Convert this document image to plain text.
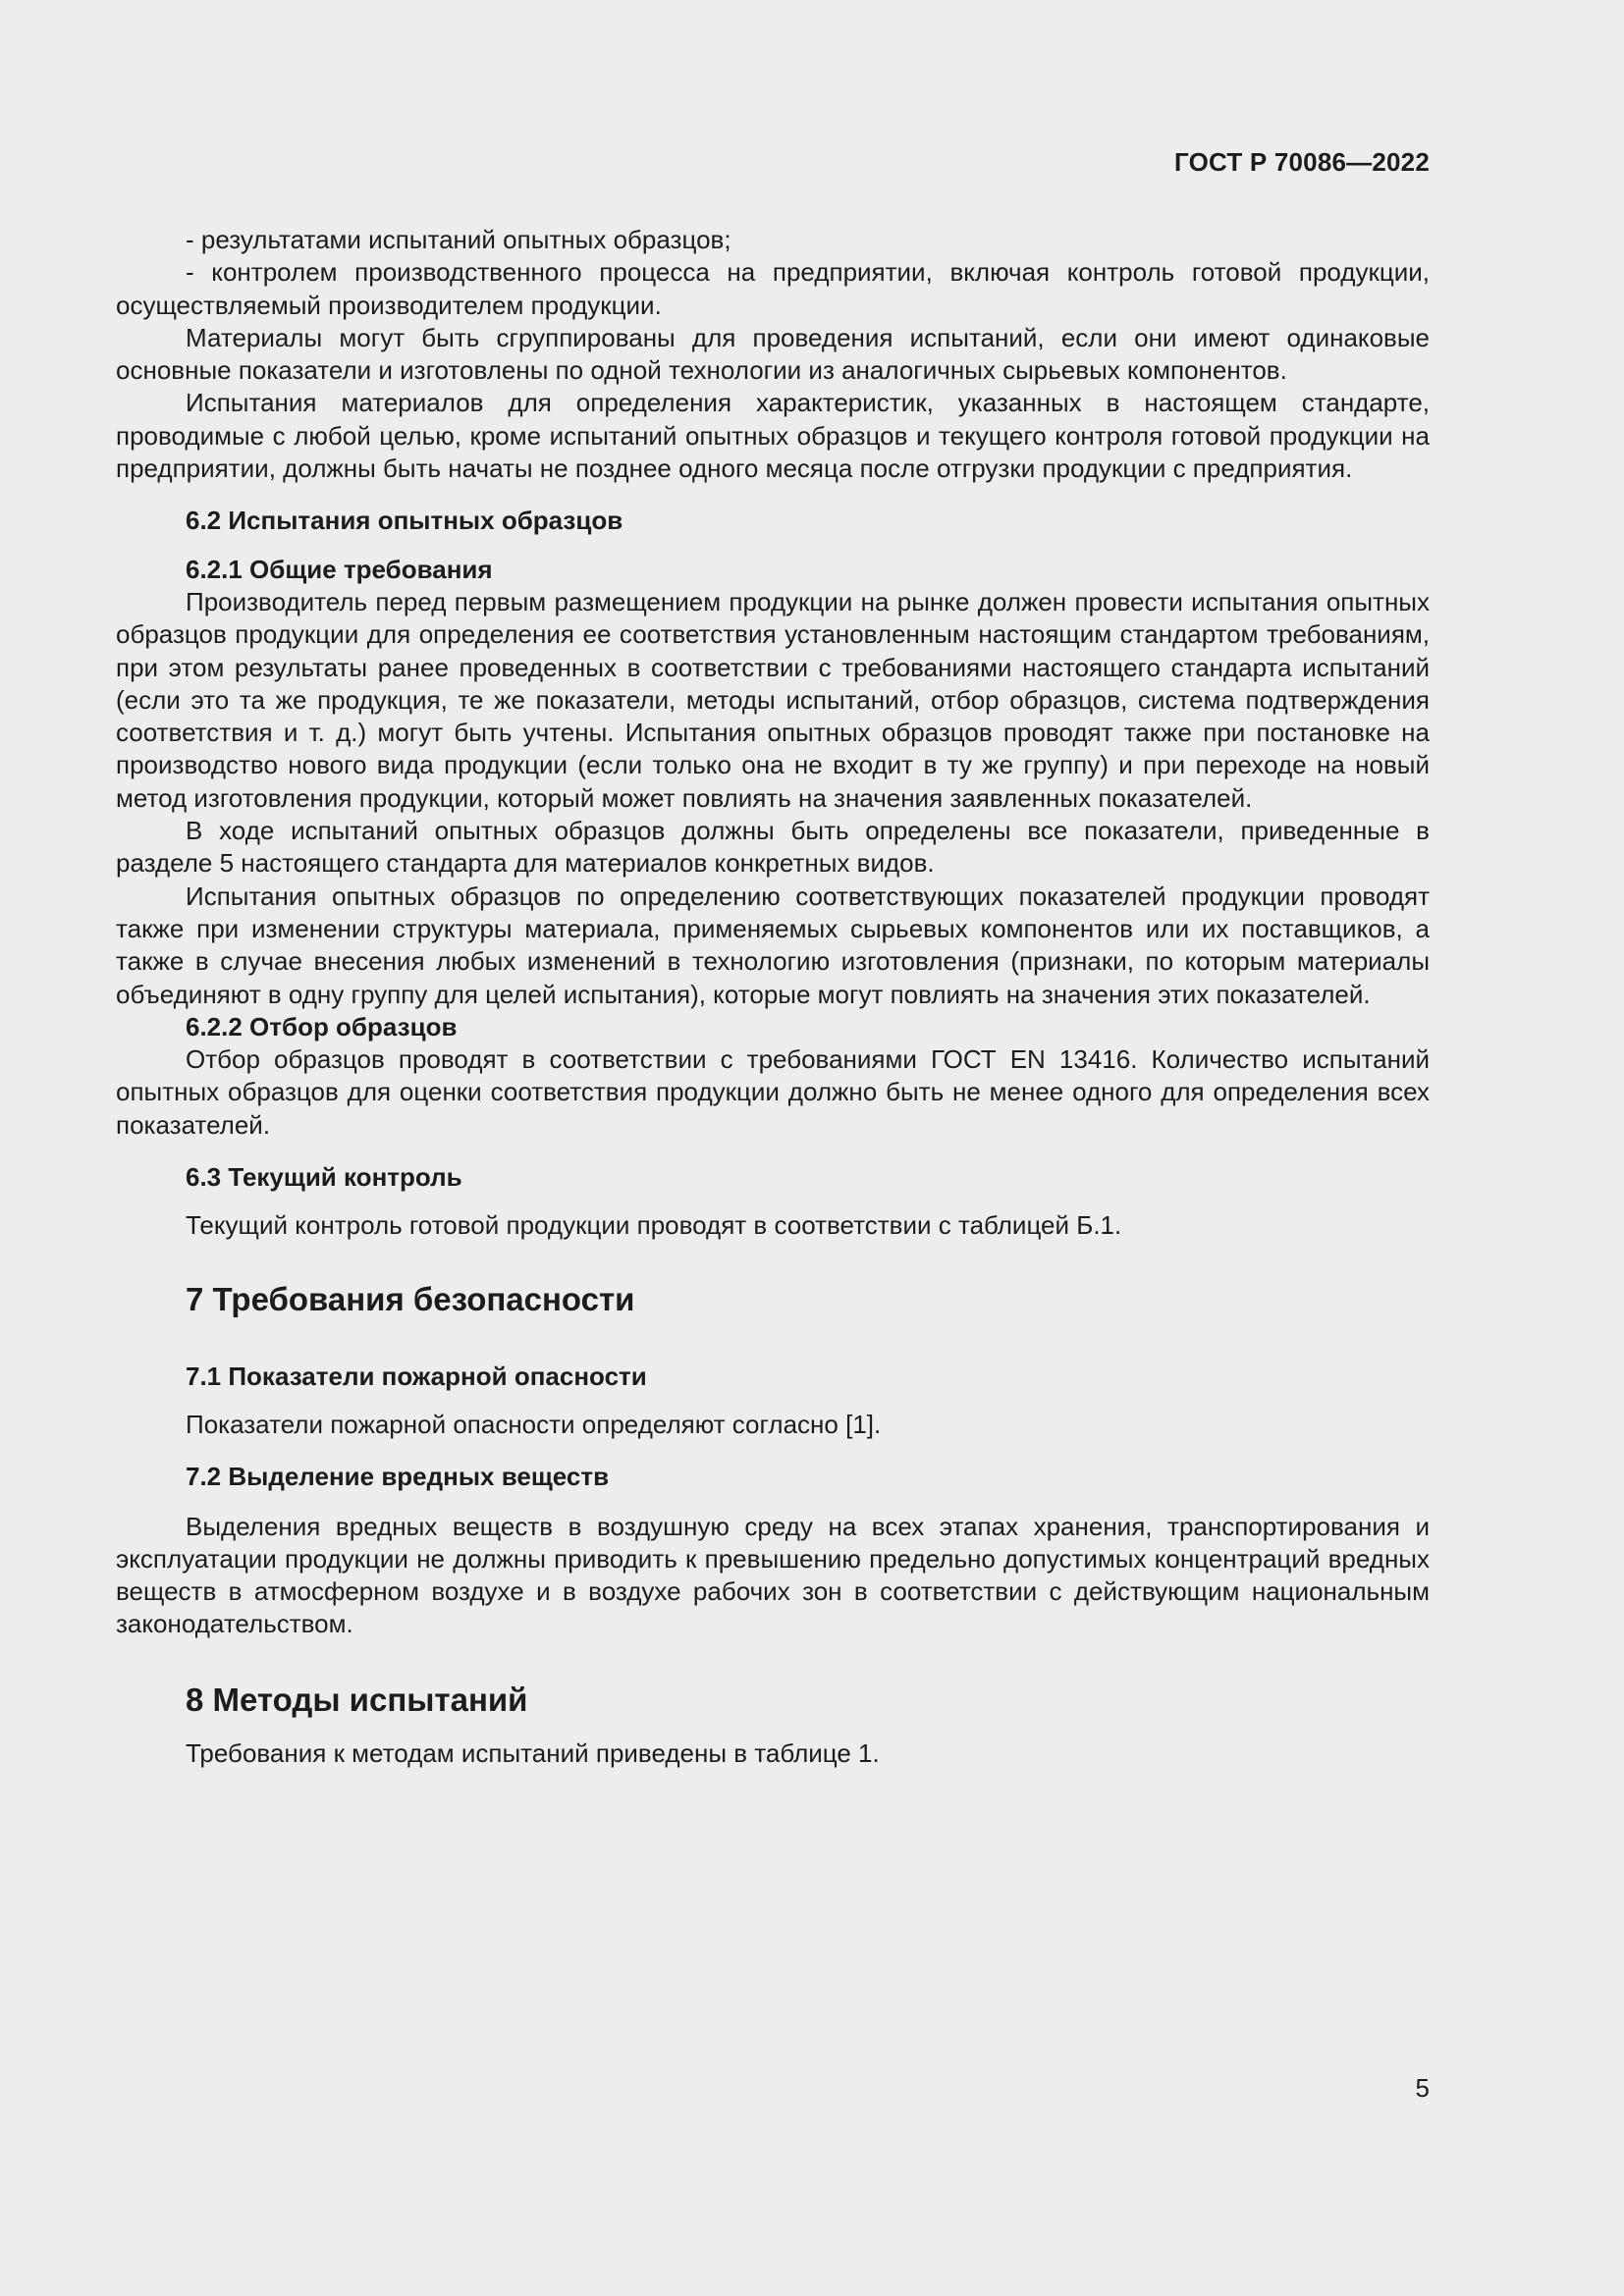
ГОСТ Р 70086—2022

- результатами испытаний опытных образцов;

- контролем производственного процесса на предприятии, включая контроль готовой продукции, осуществляемый производителем продукции.

Материалы могут быть сгруппированы для проведения испытаний, если они имеют одинаковые основные показатели и изготовлены по одной технологии из аналогичных сырьевых компонентов.

Испытания материалов для определения характеристик, указанных в настоящем стандарте, проводимые с любой целью, кроме испытаний опытных образцов и текущего контроля готовой продукции на предприятии, должны быть начаты не позднее одного месяца после отгрузки продукции с предприятия.

6.2 Испытания опытных образцов
6.2.1 Общие требования

Производитель перед первым размещением продукции на рынке должен провести испытания опытных образцов продукции для определения ее соответствия установленным настоящим стандартом требованиям, при этом результаты ранее проведенных в соответствии с требованиями настоящего стандарта испытаний (если это та же продукция, те же показатели, методы испытаний, отбор образцов, система подтверждения соответствия и т. д.) могут быть учтены. Испытания опытных образцов проводят также при постановке на производство нового вида продукции (если только она не входит в ту же группу) и при переходе на новый метод изготовления продукции, который может повлиять на значения заявленных показателей.

В ходе испытаний опытных образцов должны быть определены все показатели, приведенные в разделе 5 настоящего стандарта для материалов конкретных видов.

Испытания опытных образцов по определению соответствующих показателей продукции проводят также при изменении структуры материала, применяемых сырьевых компонентов или их поставщиков, а также в случае внесения любых изменений в технологию изготовления (признаки, по которым материалы объединяют в одну группу для целей испытания), которые могут повлиять на значения этих показателей.

6.2.2 Отбор образцов

Отбор образцов проводят в соответствии с требованиями ГОСТ EN 13416. Количество испытаний опытных образцов для оценки соответствия продукции должно быть не менее одного для определения всех показателей.

6.3 Текущий контроль

Текущий контроль готовой продукции проводят в соответствии с таблицей Б.1.

7 Требования безопасности
7.1 Показатели пожарной опасности

Показатели пожарной опасности определяют согласно [1].

7.2 Выделение вредных веществ

Выделения вредных веществ в воздушную среду на всех этапах хранения, транспортирования и эксплуатации продукции не должны приводить к превышению предельно допустимых концентраций вредных веществ в атмосферном воздухе и в воздухе рабочих зон в соответствии с действующим национальным законодательством.

8 Методы испытаний

Требования к методам испытаний приведены в таблице 1.

5
